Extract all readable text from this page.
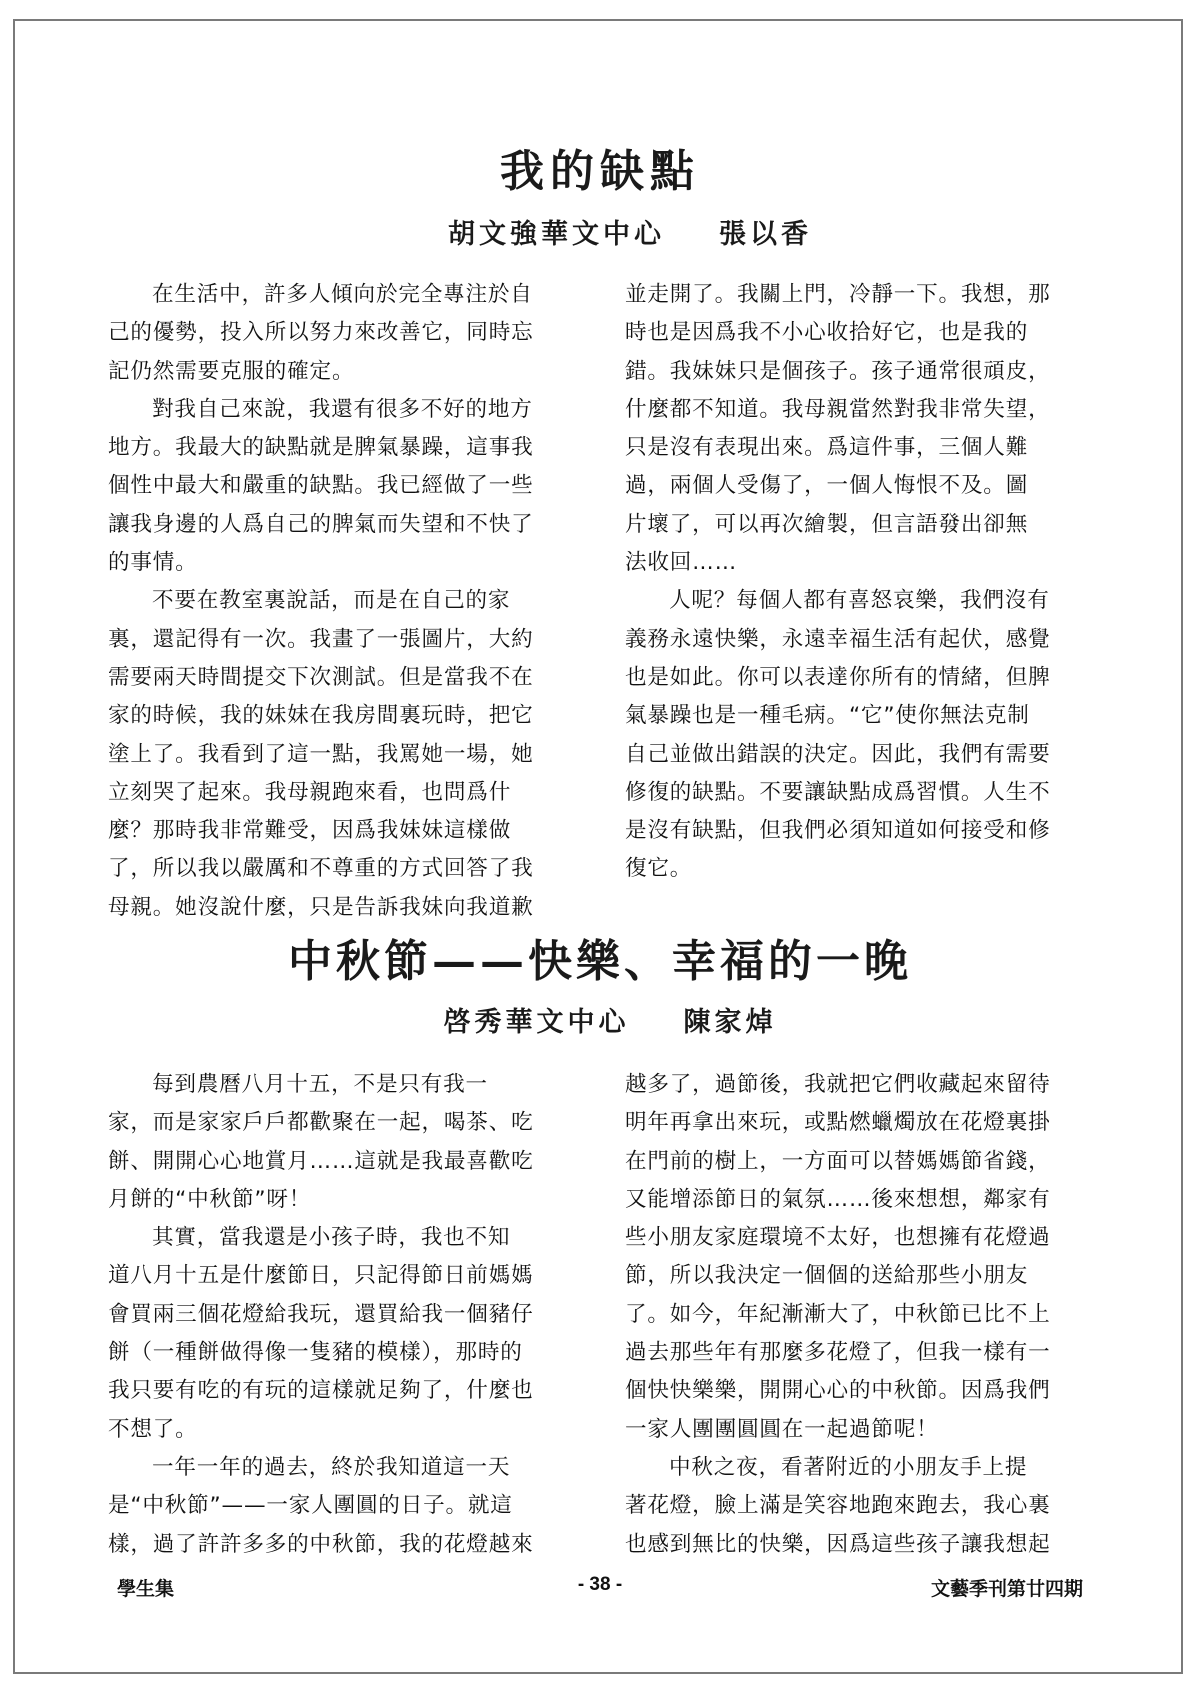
我的缺點
胡文強華文中心 張以香
在生活中，許多人傾向於完全專注於自
己的優勢，投入所以努力來改善它，同時忘
記仍然需要克服的確定。
對我自己來說，我還有很多不好的地方
地方。我最大的缺點就是脾氣暴躁，這事我
個性中最大和嚴重的缺點。我已經做了一些
讓我身邊的人爲自己的脾氣而失望和不快了
的事情。
不要在教室裏說話，而是在自己的家
裏，還記得有一次。我畫了一張圖片，大約
需要兩天時間提交下次測試。但是當我不在
家的時候，我的妹妹在我房間裏玩時，把它
塗上了。我看到了這一點，我罵她一場，她
立刻哭了起來。我母親跑來看，也問爲什
麼？那時我非常難受，因爲我妹妹這樣做
了，所以我以嚴厲和不尊重的方式回答了我
母親。她沒說什麼，只是告訴我妹向我道歉
並走開了。我關上門，冷靜一下。我想，那
時也是因爲我不小心收拾好它，也是我的
錯。我妹妹只是個孩子。孩子通常很頑皮，
什麼都不知道。我母親當然對我非常失望，
只是沒有表現出來。爲這件事，三個人難
過，兩個人受傷了，一個人悔恨不及。圖
片壞了，可以再次繪製，但言語發出卻無
法收回……
人呢？每個人都有喜怒哀樂，我們沒有
義務永遠快樂，永遠幸福生活有起伏，感覺
也是如此。你可以表達你所有的情緒，但脾
氣暴躁也是一種毛病。“它”使你無法克制
自己並做出錯誤的決定。因此，我們有需要
修復的缺點。不要讓缺點成爲習慣。人生不
是沒有缺點，但我們必須知道如何接受和修
復它。
中秋節——快樂、幸福的一晚
啓秀華文中心 陳家焯
每到農曆八月十五，不是只有我一
家，而是家家戶戶都歡聚在一起，喝茶、吃
餅、開開心心地賞月……這就是我最喜歡吃
月餅的“中秋節”呀！
其實，當我還是小孩子時，我也不知
道八月十五是什麼節日，只記得節日前媽媽
會買兩三個花燈給我玩，還買給我一個豬仔
餅（一種餅做得像一隻豬的模樣），那時的
我只要有吃的有玩的這樣就足夠了，什麼也
不想了。
一年一年的過去，終於我知道這一天
是“中秋節”——一家人團圓的日子。就這
樣，過了許許多多的中秋節，我的花燈越來
越多了，過節後，我就把它們收藏起來留待
明年再拿出來玩，或點燃蠟燭放在花燈裏掛
在門前的樹上，一方面可以替媽媽節省錢，
又能增添節日的氣氛……後來想想，鄰家有
些小朋友家庭環境不太好，也想擁有花燈過
節，所以我決定一個個的送給那些小朋友
了。如今，年紀漸漸大了，中秋節已比不上
過去那些年有那麼多花燈了，但我一樣有一
個快快樂樂，開開心心的中秋節。因爲我們
一家人團團圓圓在一起過節呢！
中秋之夜，看著附近的小朋友手上提
著花燈，臉上滿是笑容地跑來跑去，我心裏
也感到無比的快樂，因爲這些孩子讓我想起
學生集	- 38 -	文藝季刊第廿四期
